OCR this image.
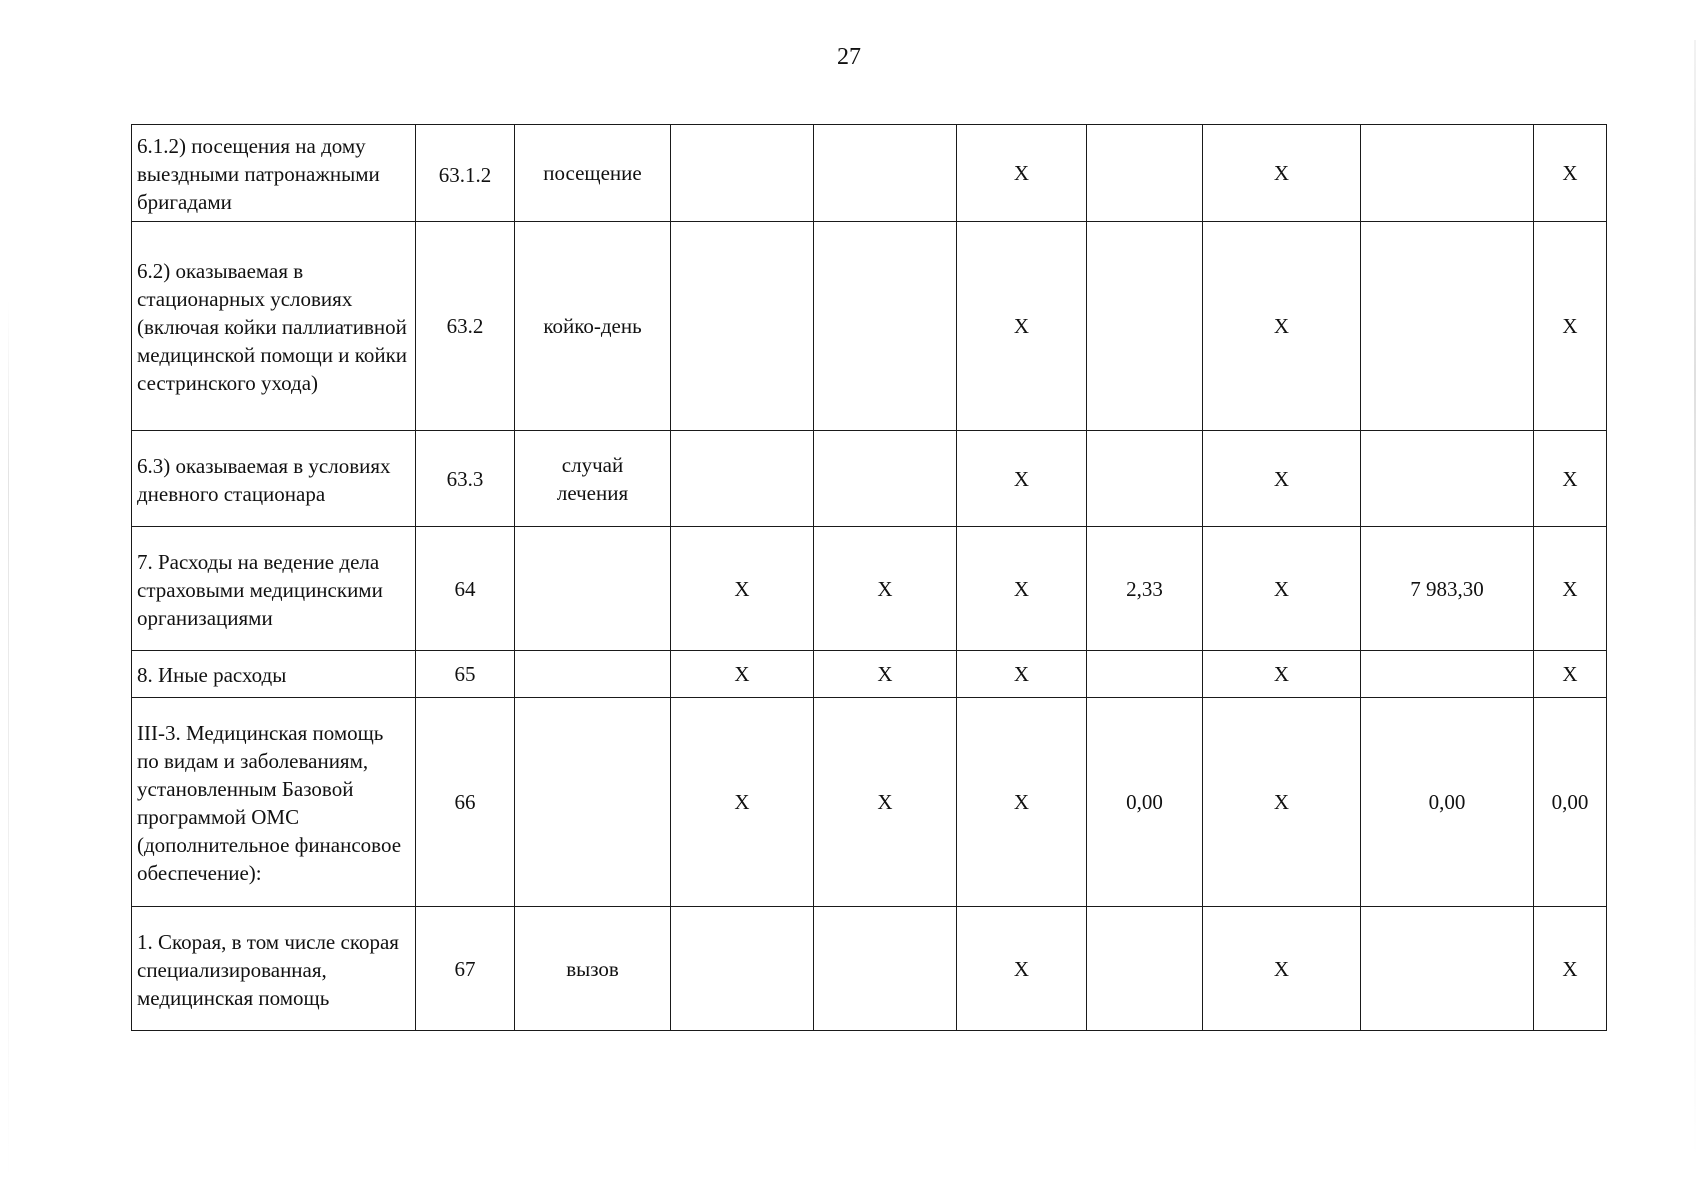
27
6.1.2) посещения на дому выездными патронажными бригадами	63.1.2	посещение			Х		Х		Х
6.2) оказываемая в стационарных условиях (включая койки паллиативной медицинской помощи и койки сестринского ухода)	63.2	койко-день			Х		Х		Х
6.3) оказываемая в условиях дневного стационара	63.3	случай лечения			Х		Х		Х
7. Расходы на ведение дела страховыми медицинскими организациями	64		Х	Х	Х	2,33	Х	7 983,30	Х
8. Иные расходы	65		Х	Х	Х		Х		Х
III-3. Медицинская помощь по видам и заболеваниям, установленным Базовой программой ОМС (дополнительное финансовое обеспечение):	66		Х	Х	Х	0,00	Х	0,00	0,00
1. Скорая, в том числе скорая специализированная, медицинская помощь	67	вызов			Х		Х		Х
